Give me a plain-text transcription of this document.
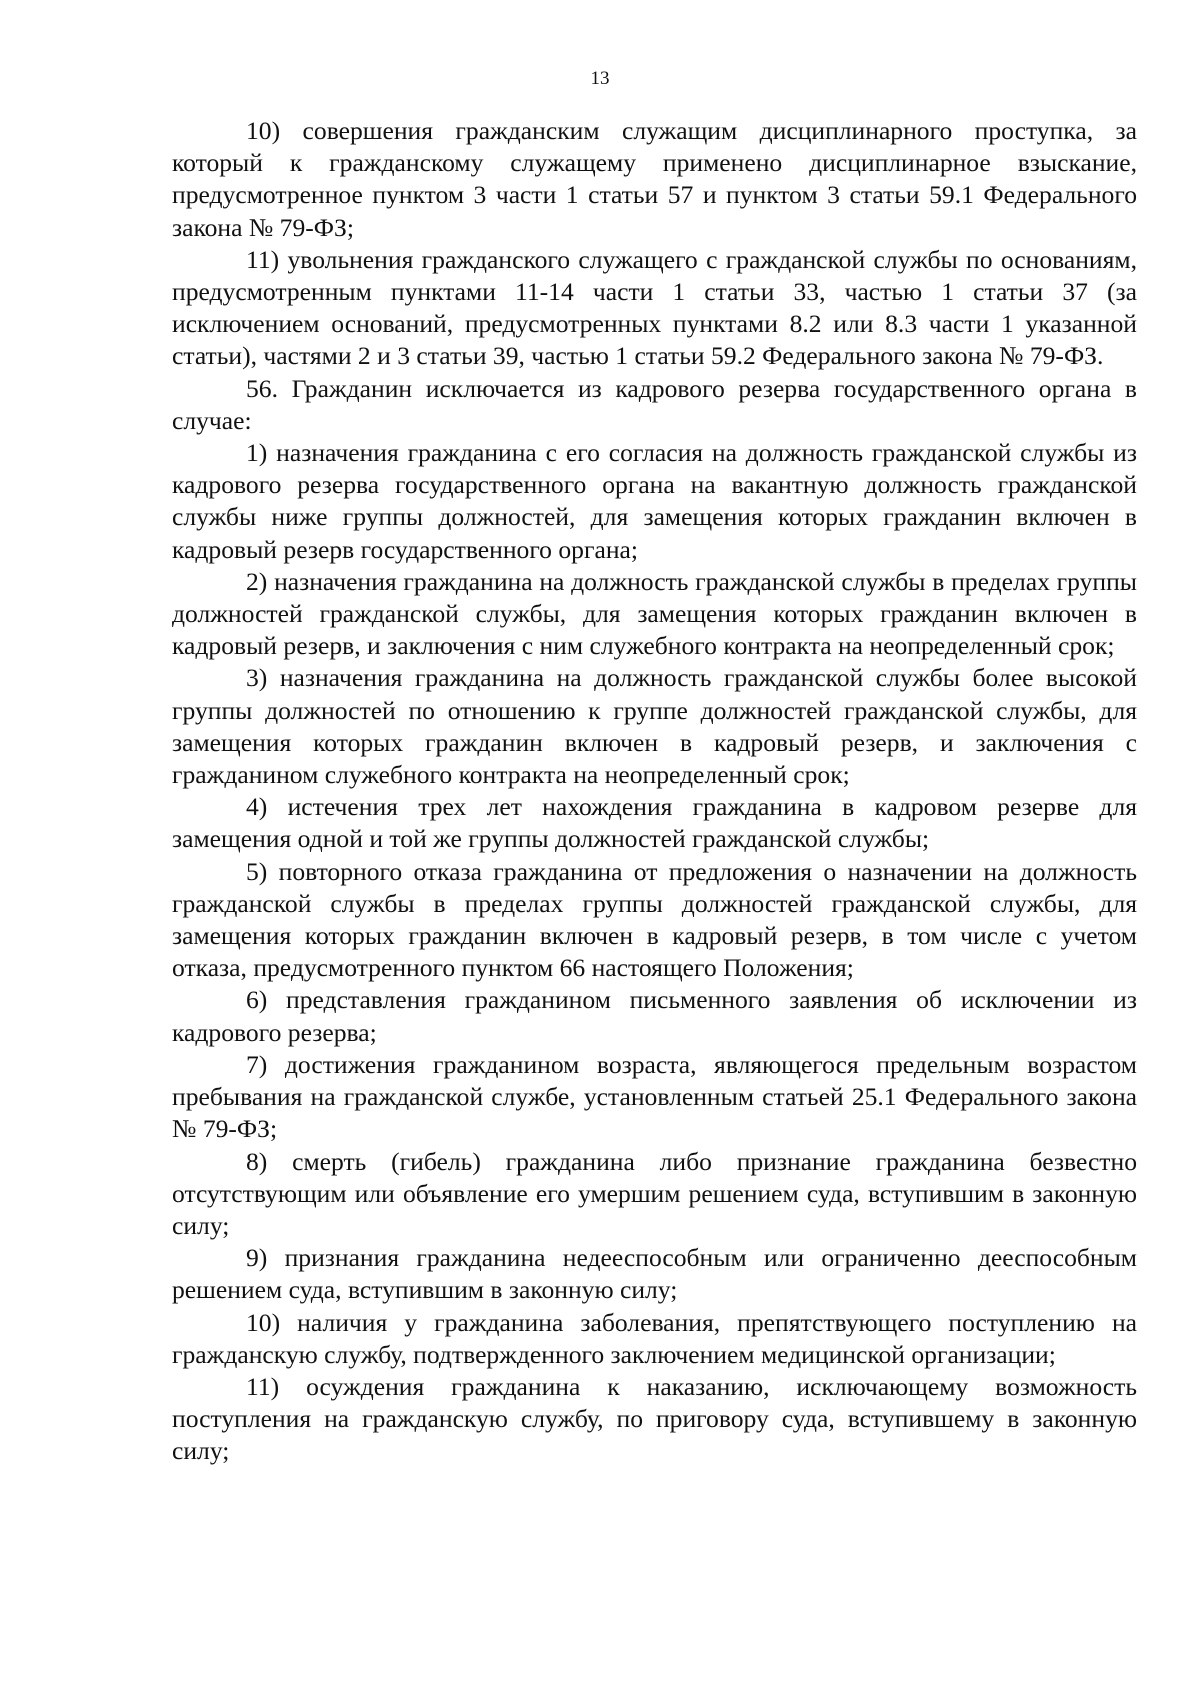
13

10) совершения гражданским служащим дисциплинарного проступка, за который к гражданскому служащему применено дисциплинарное взыскание, предусмотренное пунктом 3 части 1 статьи 57 и пунктом 3 статьи 59.1 Федерального закона № 79-ФЗ;

11) увольнения гражданского служащего с гражданской службы по основаниям, предусмотренным пунктами 11-14 части 1 статьи 33, частью 1 статьи 37 (за исключением оснований, предусмотренных пунктами 8.2 или 8.3 части 1 указанной статьи), частями 2 и 3 статьи 39, частью 1 статьи 59.2 Федерального закона № 79-ФЗ.

56. Гражданин исключается из кадрового резерва государственного органа в случае:

1) назначения гражданина с его согласия на должность гражданской службы из кадрового резерва государственного органа на вакантную должность гражданской службы ниже группы должностей, для замещения которых гражданин включен в кадровый резерв государственного органа;

2) назначения гражданина на должность гражданской службы в пределах группы должностей гражданской службы, для замещения которых гражданин включен в кадровый резерв, и заключения с ним служебного контракта на неопределенный срок;

3) назначения гражданина на должность гражданской службы более высокой группы должностей по отношению к группе должностей гражданской службы, для замещения которых гражданин включен в кадровый резерв, и заключения с гражданином служебного контракта на неопределенный срок;

4) истечения трех лет нахождения гражданина в кадровом резерве для замещения одной и той же группы должностей гражданской службы;

5) повторного отказа гражданина от предложения о назначении на должность гражданской службы в пределах группы должностей гражданской службы, для замещения которых гражданин включен в кадровый резерв, в том числе с учетом отказа, предусмотренного пунктом 66 настоящего Положения;

6) представления гражданином письменного заявления об исключении из кадрового резерва;

7) достижения гражданином возраста, являющегося предельным возрастом пребывания на гражданской службе, установленным статьей 25.1 Федерального закона № 79-ФЗ;

8) смерть (гибель) гражданина либо признание гражданина безвестно отсутствующим или объявление его умершим решением суда, вступившим в законную силу;

9) признания гражданина недееспособным или ограниченно дееспособным решением суда, вступившим в законную силу;

10) наличия у гражданина заболевания, препятствующего поступлению на гражданскую службу, подтвержденного заключением медицинской организации;

11) осуждения гражданина к наказанию, исключающему возможность поступления на гражданскую службу, по приговору суда, вступившему в законную силу;
